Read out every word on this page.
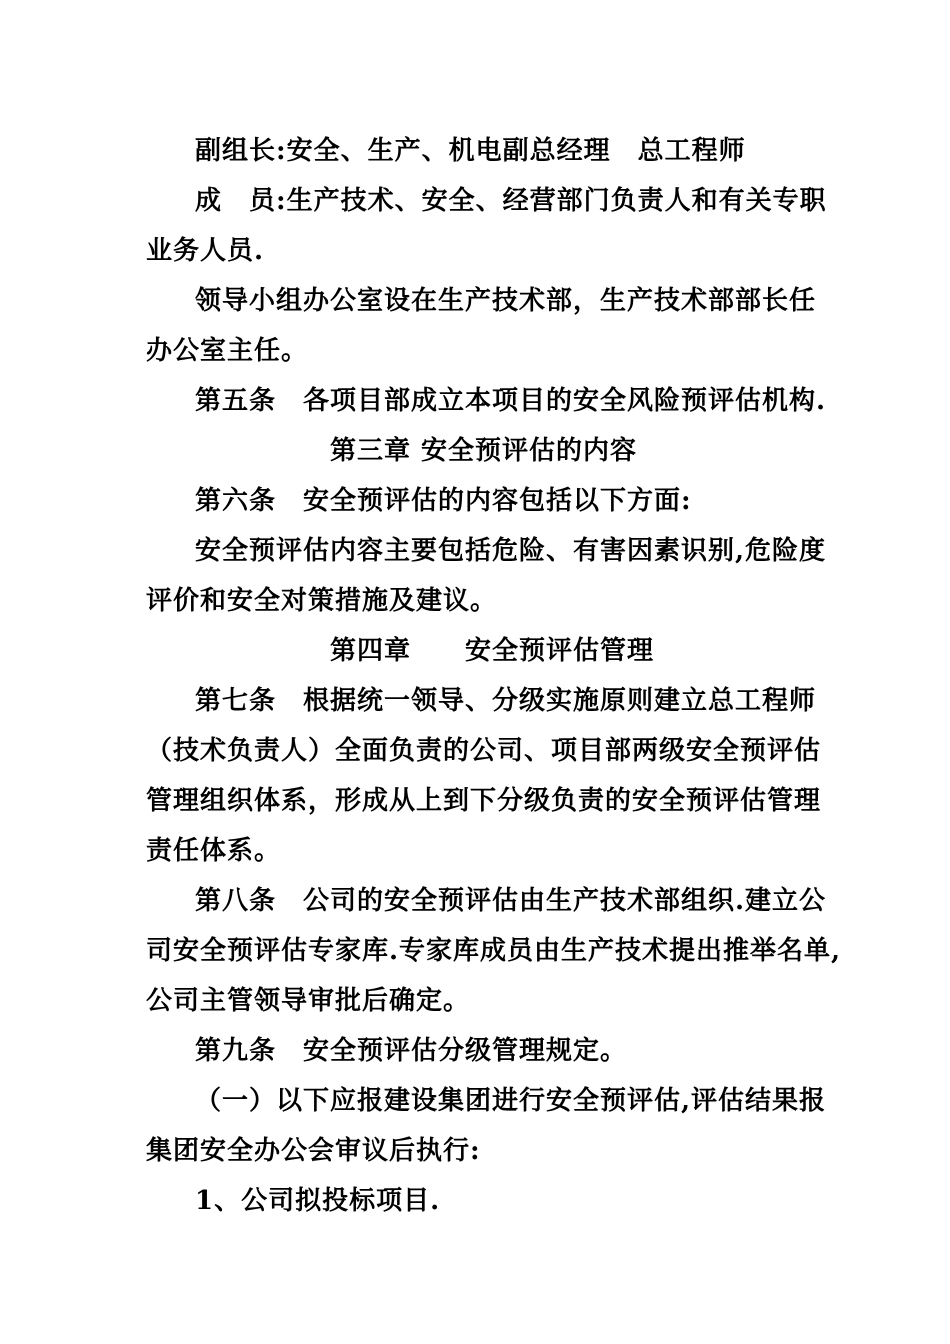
副组长:安全、生产、机电副总经理　总工程师
成　员:生产技术、安全、经营部门负责人和有关专职
业务人员.
领导小组办公室设在生产技术部，生产技术部部长任
办公室主任。
第五条　各项目部成立本项目的安全风险预评估机构.
第三章 安全预评估的内容
第六条　安全预评估的内容包括以下方面:
安全预评估内容主要包括危险、有害因素识别,危险度
评价和安全对策措施及建议。
第四章　　安全预评估管理
第七条　根据统一领导、分级实施原则建立总工程师
（技术负责人）全面负责的公司、项目部两级安全预评估
管理组织体系，形成从上到下分级负责的安全预评估管理
责任体系。
第八条　公司的安全预评估由生产技术部组织.建立公
司安全预评估专家库.专家库成员由生产技术提出推举名单,
公司主管领导审批后确定。
第九条　安全预评估分级管理规定。
（一）以下应报建设集团进行安全预评估,评估结果报
集团安全办公会审议后执行:
1、公司拟投标项目.
